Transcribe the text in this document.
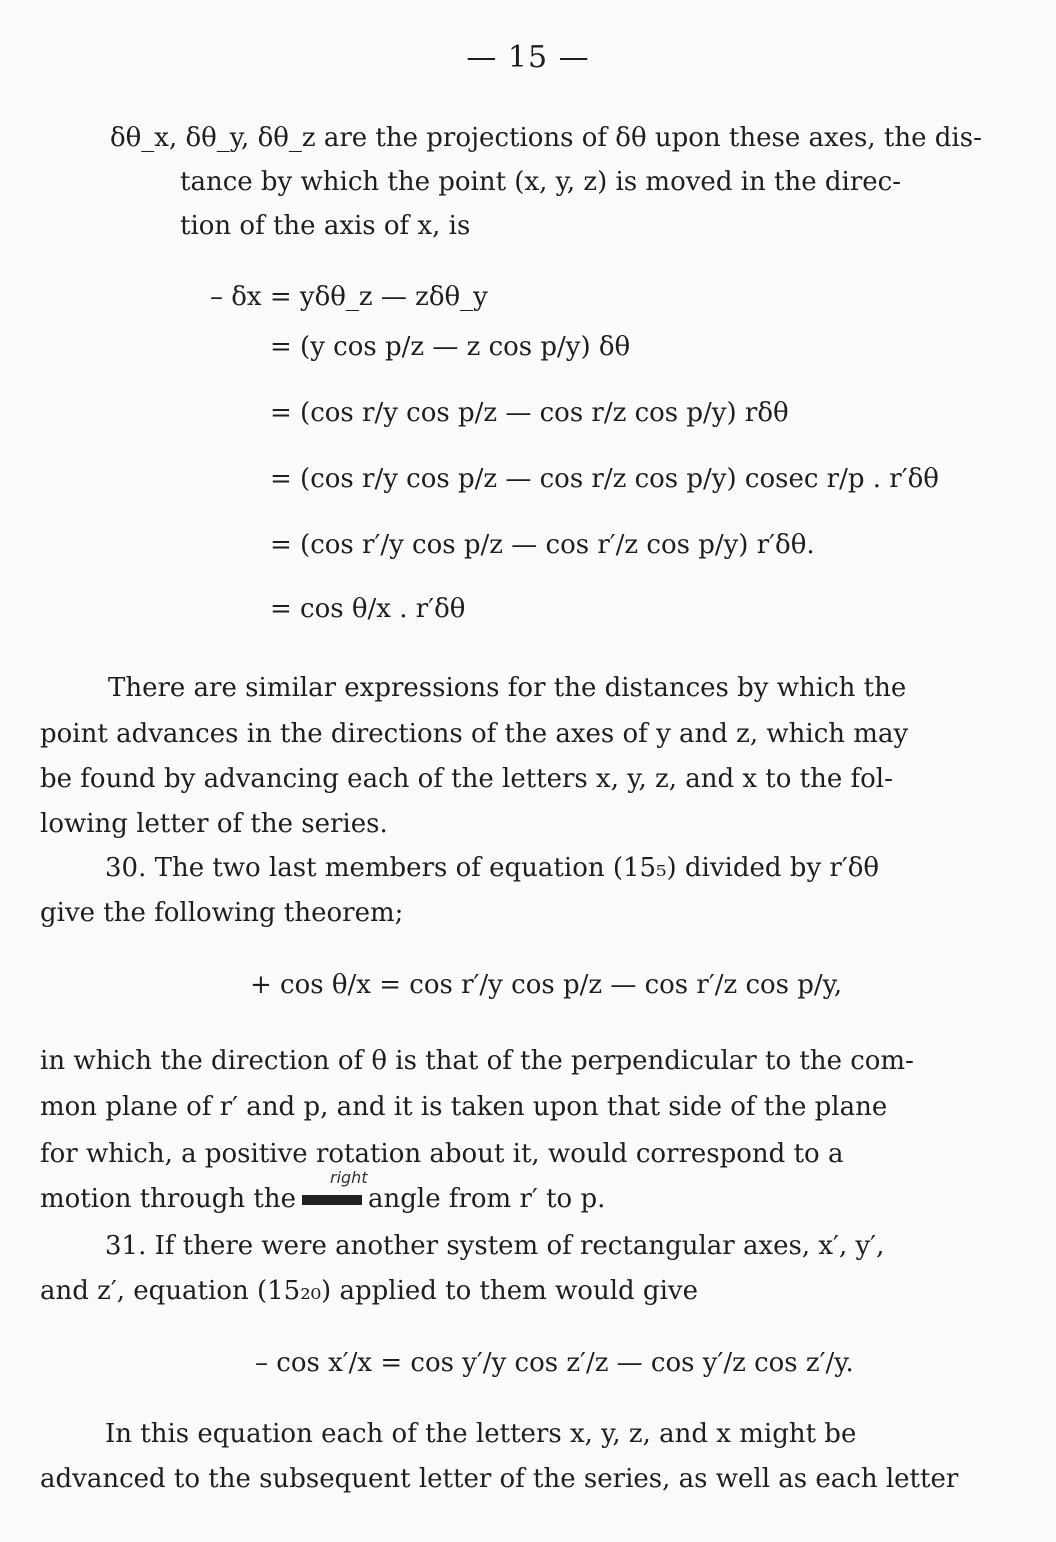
— 15 —
δθ_x, δθ_y, δθ_z are the projections of δθ upon these axes, the dis-
tance by which the point (x, y, z) is moved in the direc-
tion of the axis of x, is
– δx = yδθ_z — zδθ_y
= (y cos p/z — z cos p/y) δθ
= (cos r/y cos p/z — cos r/z cos p/y) rδθ
= (cos r/y cos p/z — cos r/z cos p/y) cosec r/p . r′δθ
= (cos r′/y cos p/z — cos r′/z cos p/y) r′δθ.
= cos θ/x . r′δθ
There are similar expressions for the distances by which the
point advances in the directions of the axes of y and z, which may
be found by advancing each of the letters x, y, z, and x to the fol-
lowing letter of the series.
30. The two last members of equation (15₅) divided by r′δθ
give the following theorem;
+ cos θ/x = cos r′/y cos p/z — cos r′/z cos p/y,
in which the direction of θ is that of the perpendicular to the com-
mon plane of r′ and p, and it is taken upon that side of the plane
for which, a positive rotation about it, would correspond to a
right
motion through the	angle from r′ to p.
31. If there were another system of rectangular axes, x′, y′,
and z′, equation (15₂₀) applied to them would give
– cos x′/x = cos y′/y cos z′/z — cos y′/z cos z′/y.
In this equation each of the letters x, y, z, and x might be
advanced to the subsequent letter of the series, as well as each letter
